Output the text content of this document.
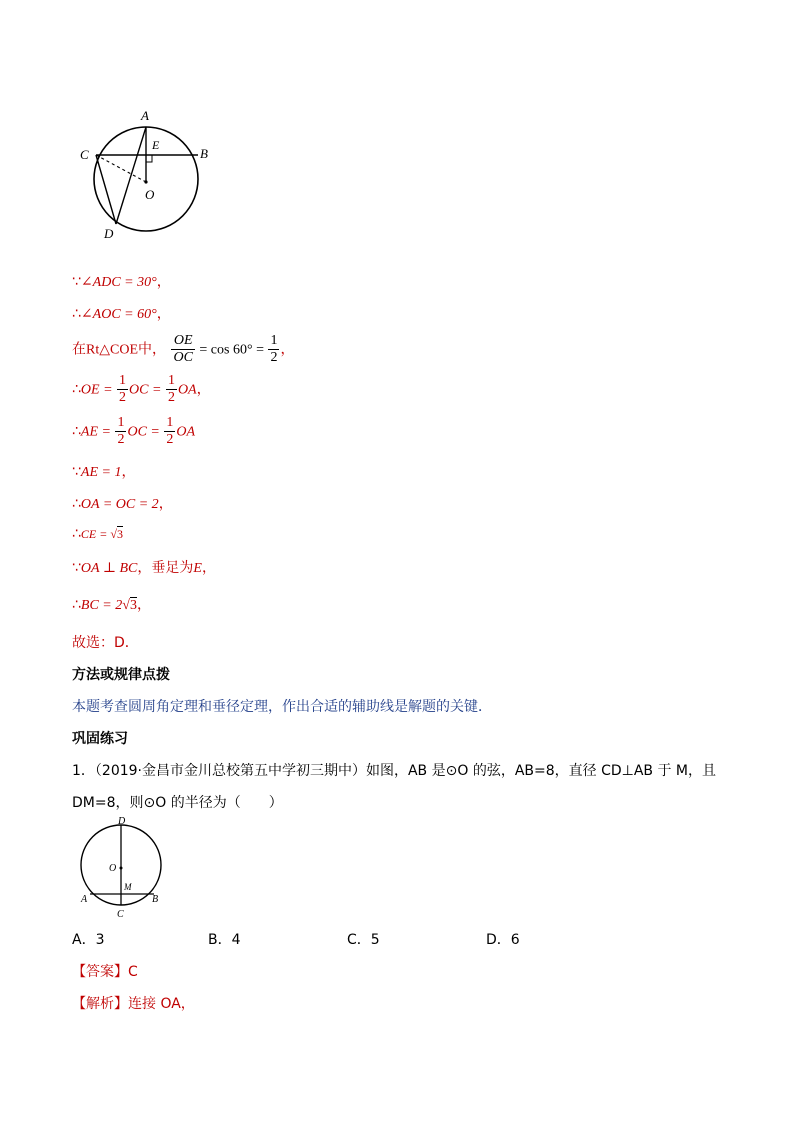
A
B
C
D
E
O
∵∠ADC = 30°，
∴∠AOC = 60°，
在Rt△COE中， $\frac{OE}{OC} = \cos 60^\circ = \frac{1}{2}$ ，
∴OE = $\frac{1}{2}$ OC = $\frac{1}{2}$ OA，
∴AE = $\frac{1}{2}$ OC = $\frac{1}{2}$ OA
∵AE = 1，
∴OA = OC = 2，
∴CE = √3
∵OA ⊥ BC，垂足为E，
∴BC = 2√3，
故选：D．
方法或规律点拨
本题考查圆周角定理和垂径定理，作出合适的辅助线是解题的关键．
巩固练习
1．（2019·金昌市金川总校第五中学初三期中）如图，AB 是⊙O 的弦，AB=8，直径 CD⊥AB 于 M，且
DM=8，则⊙O 的半径为（　　）
D
O
M
A	B
C
A．3	B．4	C．5	D．6
【答案】C
【解析】连接 OA，
